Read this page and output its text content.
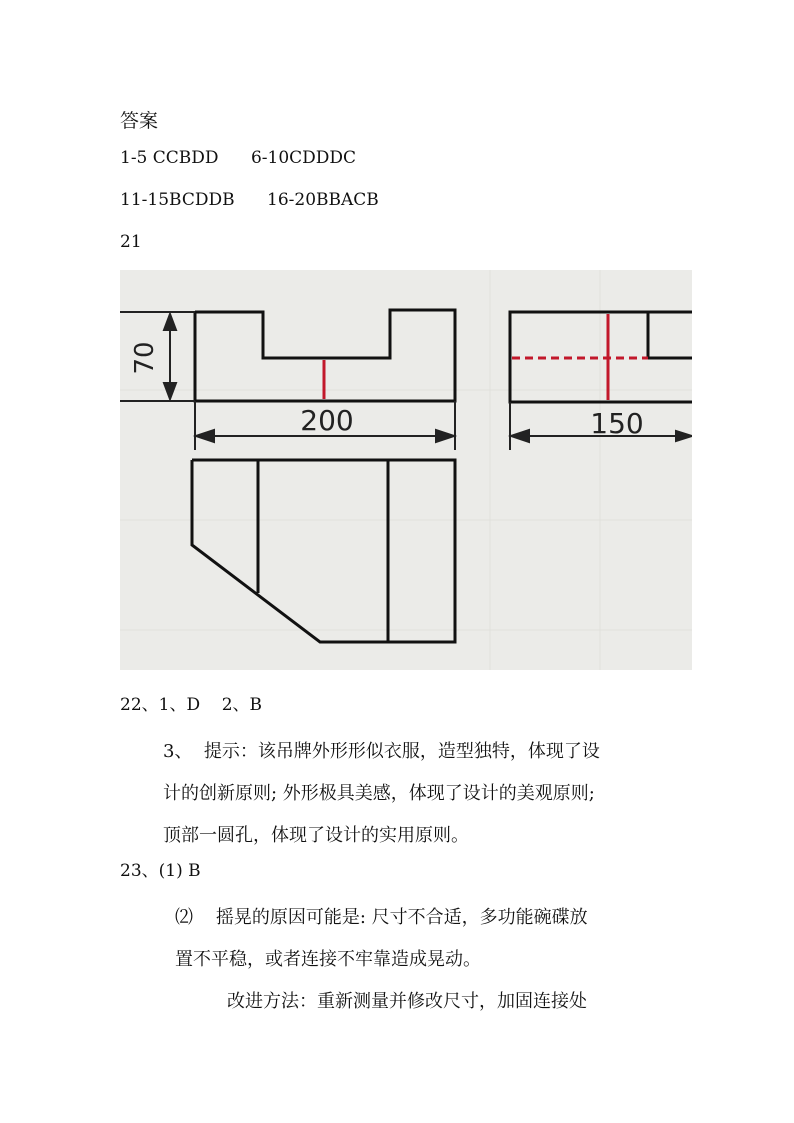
答案
1-5 CCBDD      6-10CDDDC
11-15BCDDB      16-20BBACB
21
70
200	150
22、1、D    2、B
3、  提示：该吊牌外形形似衣服，造型独特，体现了设
计的创新原则; 外形极具美感，体现了设计的美观原则;
顶部一圆孔，体现了设计的实用原则。
23、(1) B
⑵    摇晃的原因可能是: 尺寸不合适，多功能碗碟放
置不平稳，或者连接不牢靠造成晃动。
改进方法：重新测量并修改尺寸，加固连接处
